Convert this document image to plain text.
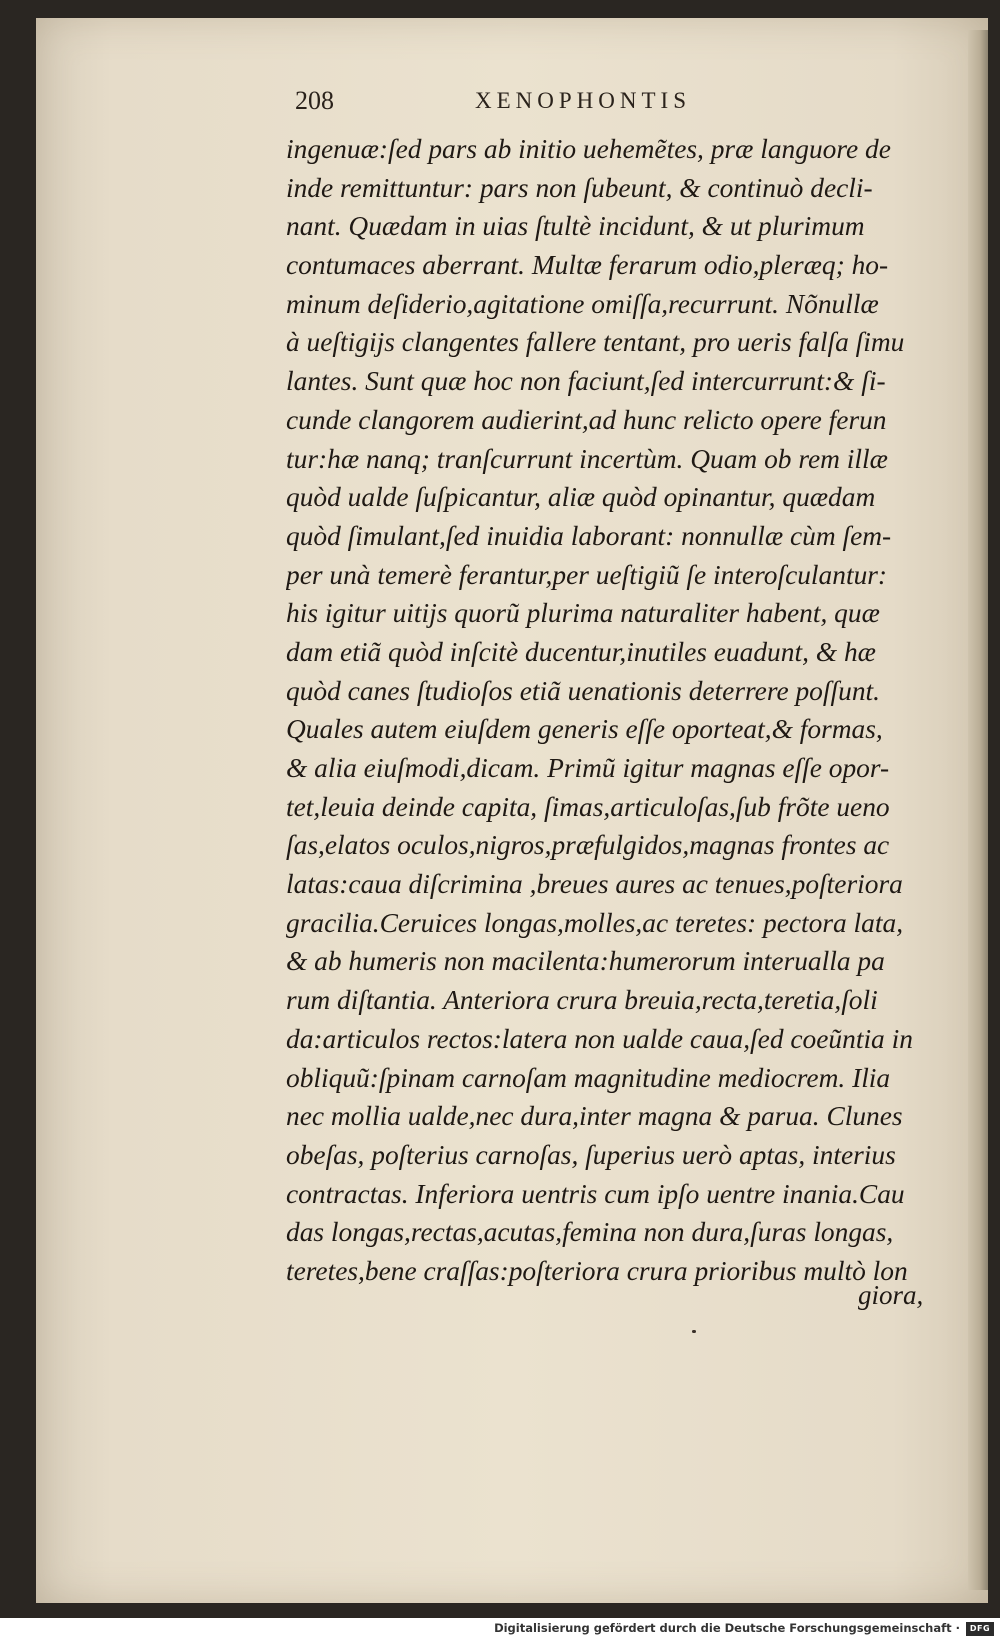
208	XENOPHONTIS
ingenuæ:ſed pars ab initio uehemẽtes, præ languore de
inde remittuntur: pars non ſubeunt, & continuò decli-
nant. Quædam in uias ſtultè incidunt, & ut plurimum
contumaces aberrant. Multæ ferarum odio,pleræq; ho-
minum deſiderio,agitatione omiſſa,recurrunt. Nõnullæ
à ueſtigijs clangentes fallere tentant, pro ueris falſa ſimu
lantes. Sunt quæ hoc non faciunt,ſed intercurrunt:& ſi-
cunde clangorem audierint,ad hunc relicto opere ferun
tur:hæ nanq; tranſcurrunt incertùm. Quam ob rem illæ
quòd ualde ſuſpicantur, aliæ quòd opinantur, quædam
quòd ſimulant,ſed inuidia laborant: nonnullæ cùm ſem-
per unà temerè ferantur,per ueſtigiũ ſe interoſculantur:
his igitur uitijs quorũ plurima naturaliter habent, quæ
dam etiã quòd inſcitè ducentur,inutiles euadunt, & hæ
quòd canes ſtudioſos etiã uenationis deterrere poſſunt.
Quales autem eiuſdem generis eſſe oporteat,& formas,
& alia eiuſmodi,dicam. Primũ igitur magnas eſſe opor-
tet,leuia deinde capita, ſimas,articuloſas,ſub frõte ueno
ſas,elatos oculos,nigros,præfulgidos,magnas frontes ac
latas:caua diſcrimina ,breues aures ac tenues,poſteriora
gracilia.Ceruices longas,molles,ac teretes: pectora lata,
& ab humeris non macilenta:humerorum interualla pa
rum diſtantia. Anteriora crura breuia,recta,teretia,ſoli
da:articulos rectos:latera non ualde caua,ſed coeũntia in
obliquũ:ſpinam carnoſam magnitudine mediocrem. Ilia
nec mollia ualde,nec dura,inter magna & parua. Clunes
obeſas, poſterius carnoſas, ſuperius uerò aptas, interius
contractas. Inferiora uentris cum ipſo uentre inania.Cau
das longas,rectas,acutas,femina non dura,ſuras longas,
teretes,bene craſſas:poſteriora crura prioribus multò lon
giora,
Digitalisierung gefördert durch die Deutsche Forschungsgemeinschaft ·	DFG
